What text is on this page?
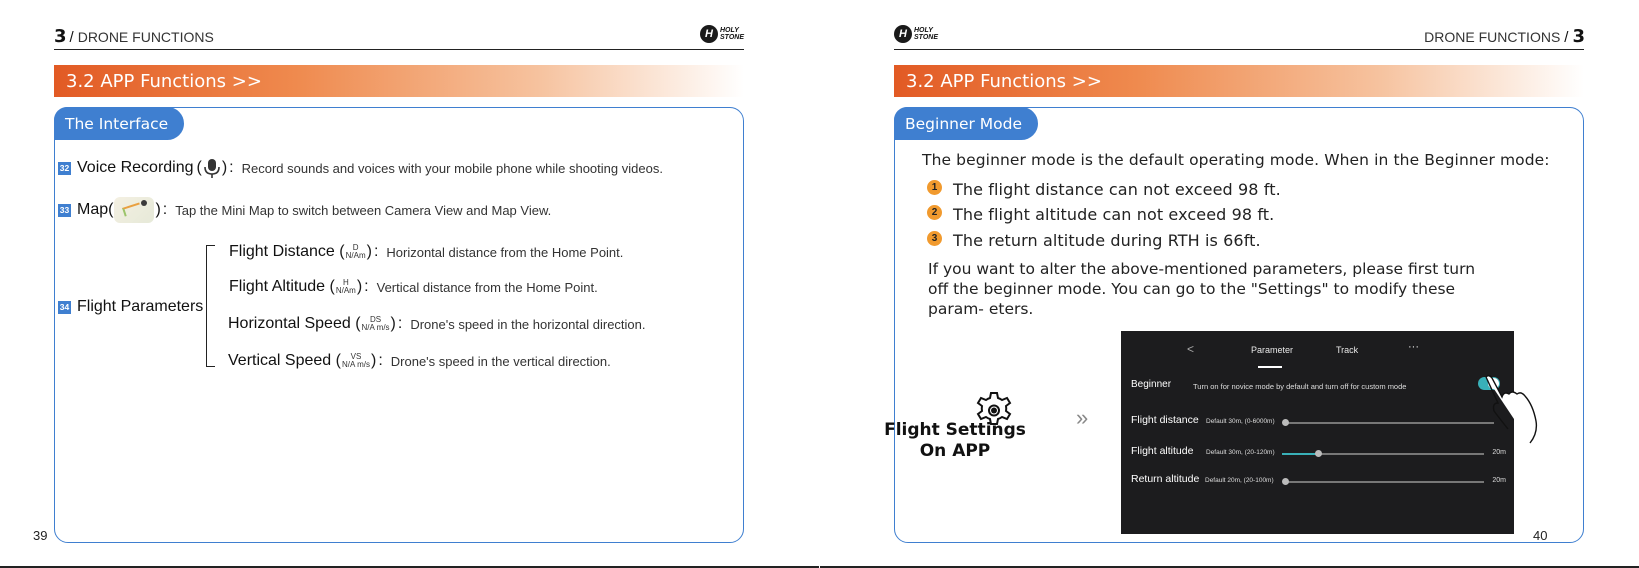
3 / DRONE FUNCTIONS	H	HOLY
STONE
3.2 APP Functions >>
The Interface
32 Voice Recording ( ) : Record sounds and voices with your mobile phone while shooting videos.
33 Map (	) : Tap the Mini Map to switch between Camera View and Map View.
34 Flight Parameters
Flight Distance ( D
N/Am ) : Horizontal distance from the Home Point.
Flight Altitude ( H
N/Am ) : Vertical distance from the Home Point.
Horizontal Speed ( DS
N/A m/s ) : Drone's speed in the horizontal direction.
Vertical Speed ( VS
N/A m/s ) : Drone's speed in the vertical direction.
39
H	HOLY
STONE	DRONE FUNCTIONS / 3
3.2 APP Functions >>
Beginner Mode
The beginner mode is the default operating mode. When in the Beginner mode:
1 The flight distance can not exceed 98 ft.
2 The flight altitude can not exceed 98 ft.
3 The return altitude during RTH is 66ft.
If you want to alter the above-mentioned parameters, please first turn off the beginner mode. You can go to the "Settings" to modify these param- eters.
Flight Settings
On APP
»
<	Parameter	Track	···
Beginner	Turn on for novice mode by default and turn off for custom mode
Flight distance Default 30m, (0-6000m)
Flight altitude Default 30m, (20-120m)	20m
Return altitude Default 20m, (20-100m)	20m
40
